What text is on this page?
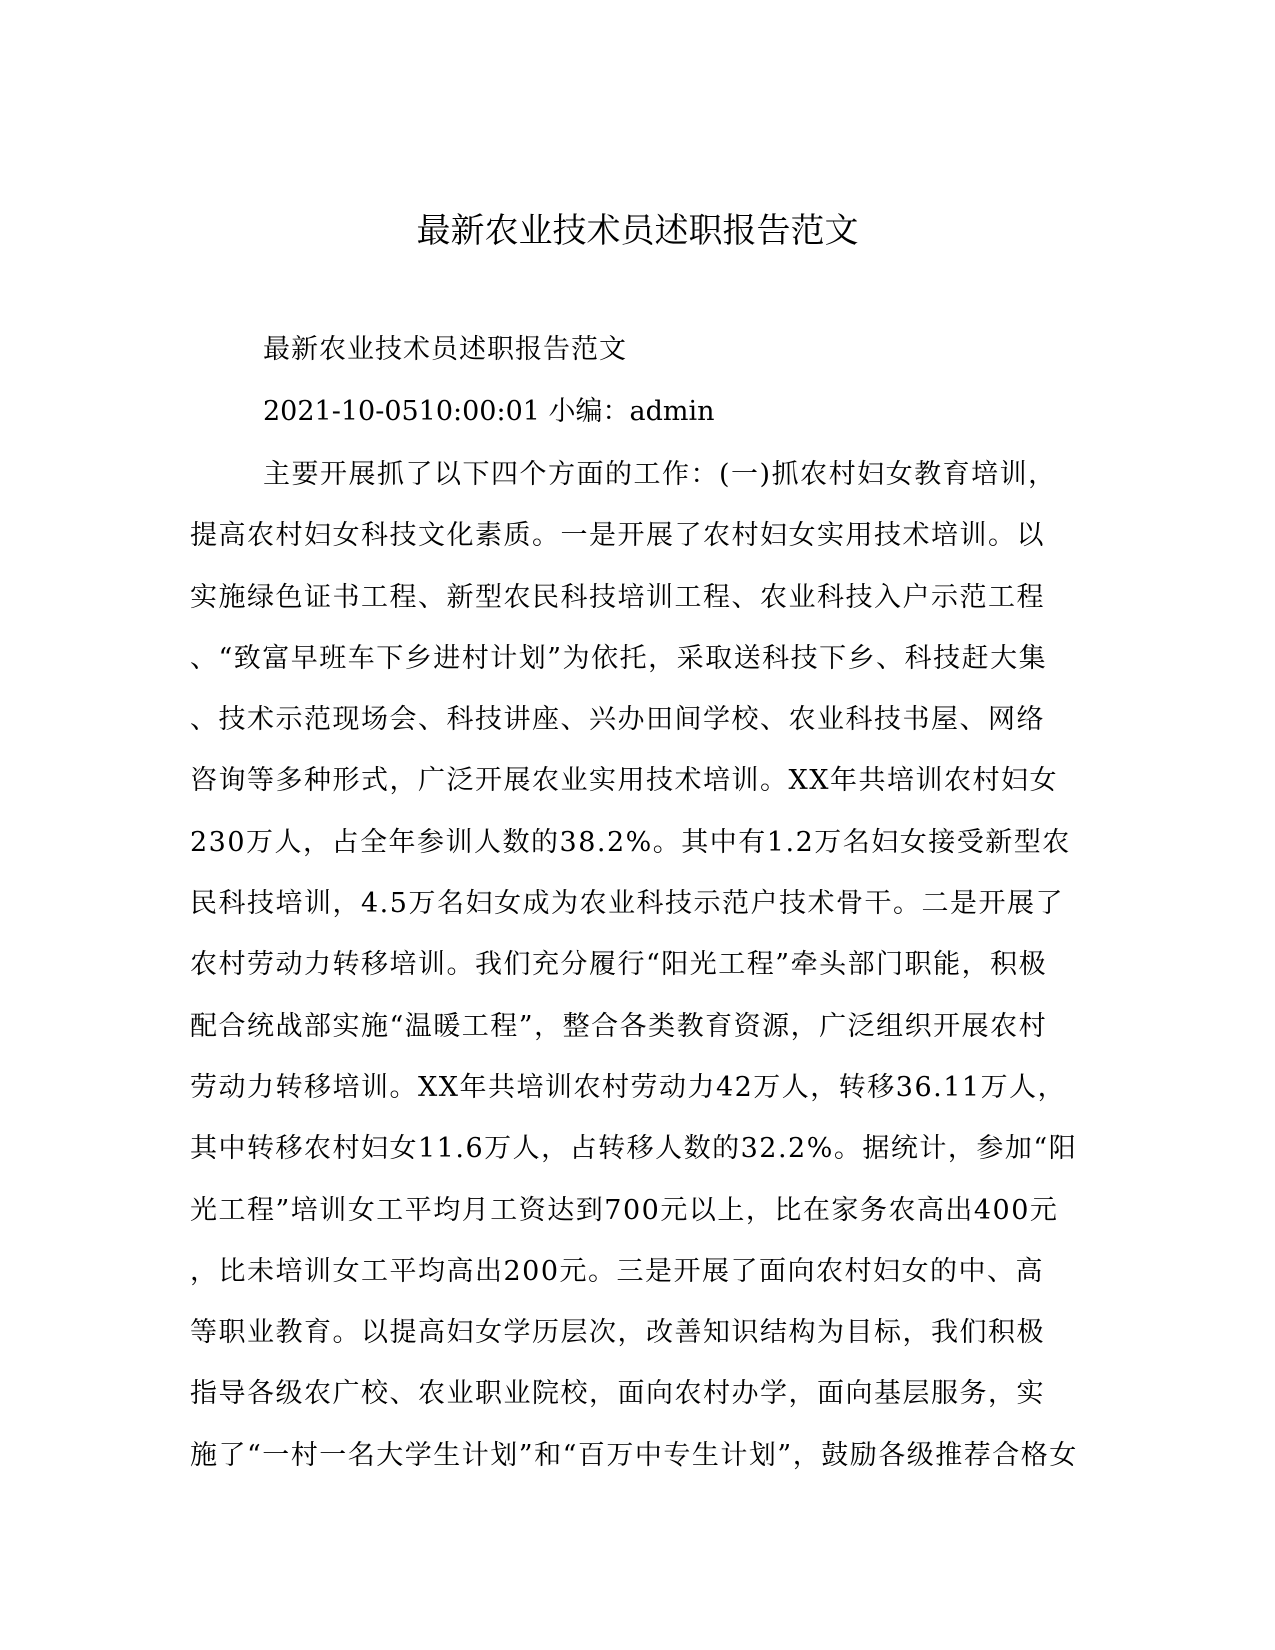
最新农业技术员述职报告范文

最新农业技术员述职报告范文

2021-10-0510:00:01 小编：admin

主要开展抓了以下四个方面的工作：(一)抓农村妇女教育培训，
提高农村妇女科技文化素质。一是开展了农村妇女实用技术培训。以
实施绿色证书工程、新型农民科技培训工程、农业科技入户示范工程
、“致富早班车下乡进村计划”为依托，采取送科技下乡、科技赶大集
、技术示范现场会、科技讲座、兴办田间学校、农业科技书屋、网络
咨询等多种形式，广泛开展农业实用技术培训。XX年共培训农村妇女
230万人，占全年参训人数的38.2%。其中有1.2万名妇女接受新型农
民科技培训，4.5万名妇女成为农业科技示范户技术骨干。二是开展了
农村劳动力转移培训。我们充分履行“阳光工程”牵头部门职能，积极
配合统战部实施“温暖工程”，整合各类教育资源，广泛组织开展农村
劳动力转移培训。XX年共培训农村劳动力42万人，转移36.11万人，
其中转移农村妇女11.6万人，占转移人数的32.2%。据统计，参加“阳
光工程”培训女工平均月工资达到700元以上，比在家务农高出400元
，比未培训女工平均高出200元。三是开展了面向农村妇女的中、高
等职业教育。以提高妇女学历层次，改善知识结构为目标，我们积极
指导各级农广校、农业职业院校，面向农村办学，面向基层服务，实
施了“一村一名大学生计划”和“百万中专生计划”，鼓励各级推荐合格女
